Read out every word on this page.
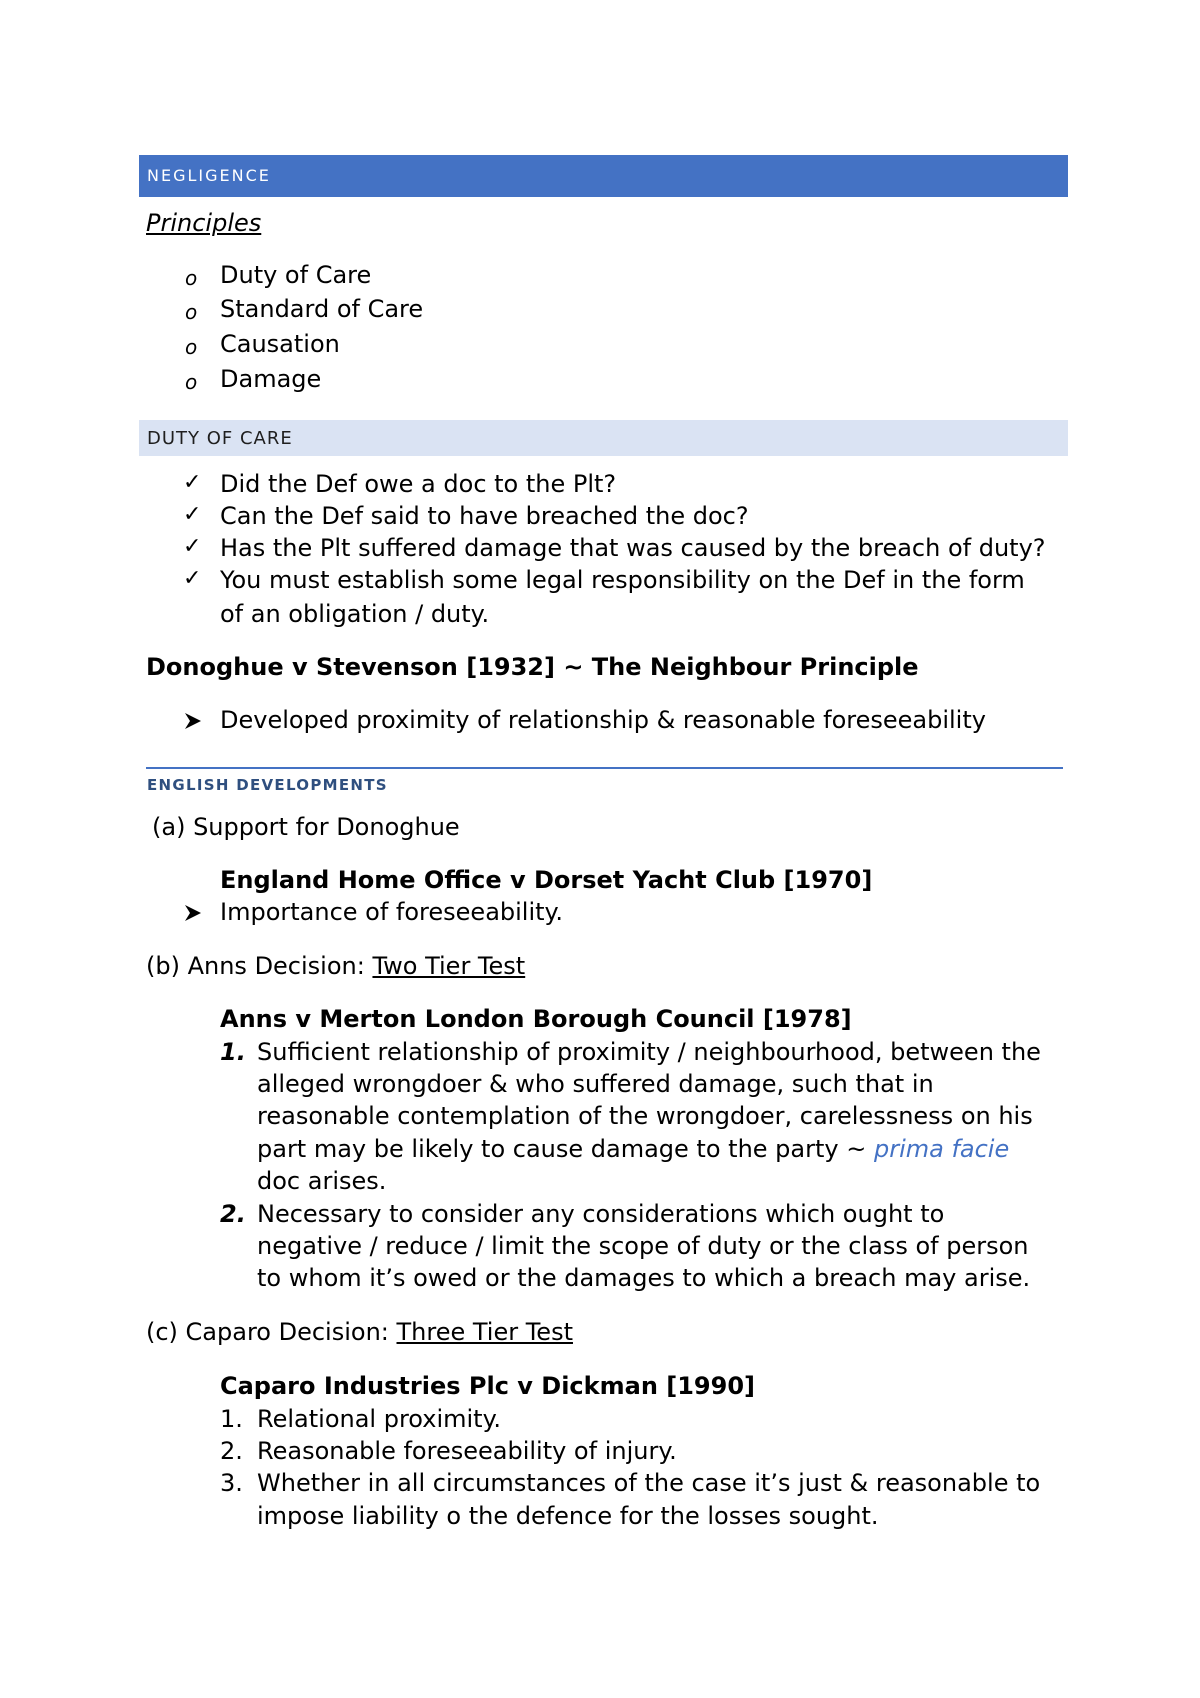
NEGLIGENCE
Principles
o Duty of Care
o Standard of Care
o Causation
o Damage
DUTY OF CARE
✓ Did the Def owe a doc to the Plt?
✓ Can the Def said to have breached the doc?
✓ Has the Plt suffered damage that was caused by the breach of duty?
✓ You must establish some legal responsibility on the Def in the form
of an obligation / duty.
Donoghue v Stevenson [1932] ~ The Neighbour Principle
Developed proximity of relationship & reasonable foreseeability
ENGLISH DEVELOPMENTS
(a) Support for Donoghue
England Home Office v Dorset Yacht Club [1970]
Importance of foreseeability.
(b) Anns Decision: Two Tier Test
Anns v Merton London Borough Council [1978]
1. Sufficient relationship of proximity / neighbourhood, between the
alleged wrongdoer & who suffered damage, such that in
reasonable contemplation of the wrongdoer, carelessness on his
part may be likely to cause damage to the party ~ prima facie
doc arises.
2. Necessary to consider any considerations which ought to
negative / reduce / limit the scope of duty or the class of person
to whom it’s owed or the damages to which a breach may arise.
(c) Caparo Decision: Three Tier Test
Caparo Industries Plc v Dickman [1990]
1. Relational proximity.
2. Reasonable foreseeability of injury.
3. Whether in all circumstances of the case it’s just & reasonable to
impose liability o the defence for the losses sought.
